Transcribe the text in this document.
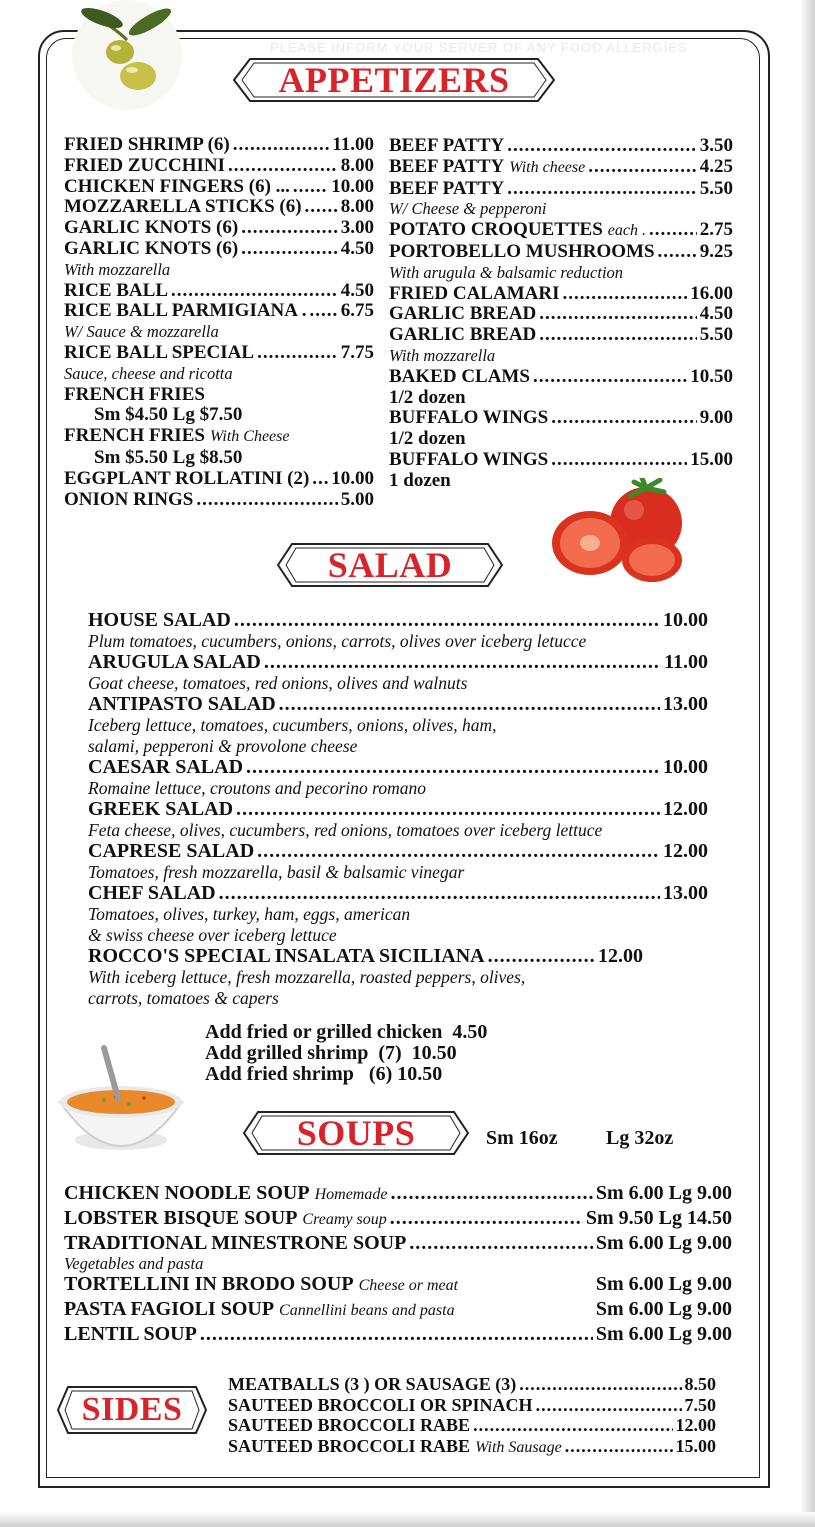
PLEASE INFORM YOUR SERVER OF ANY FOOD ALLERGIES
APPETIZERS
FRIED SHRIMP (6) .....	11.00
FRIED ZUCCHINI .....	8.00
CHICKEN FINGERS (6) ... ..... 10.00
MOZZARELLA STICKS (6) ..... 8.00
GARLIC KNOTS (6) .....	3.00
GARLIC KNOTS (6) .....	4.50
With mozzarella
RICE BALL .....	4.50
RICE BALL PARMIGIANA . ..... 6.75
W/ Sauce & mozzarella
RICE BALL SPECIAL .....	7.75
Sauce, cheese and ricotta
FRENCH FRIES
Sm $4.50 Lg $7.50
FRENCH FRIES With Cheese
Sm $5.50 Lg $8.50
EGGPLANT ROLLATINI (2) ..... 10.00
ONION RINGS .....	5.00
BEEF PATTY .....	3.50
BEEF PATTY With cheese .....	4.25
BEEF PATTY .....	5.50
W/ Cheese & pepperoni
POTATO CROQUETTES each . .....	2.75
PORTOBELLO MUSHROOMS ..... 9.25
With arugula & balsamic reduction
FRIED CALAMARI .....	16.00
GARLIC BREAD .....	4.50
GARLIC BREAD .....	5.50
With mozzarella
BAKED CLAMS .....	10.50
1/2 dozen
BUFFALO WINGS .....	9.00
1/2 dozen
BUFFALO WINGS .....	15.00
1 dozen
SALAD
HOUSE SALAD .....	10.00
Plum tomatoes, cucumbers, onions, carrots, olives over iceberg letucce
ARUGULA SALAD .....	11.00
Goat cheese, tomatoes, red onions, olives and walnuts
ANTIPASTO SALAD .....	13.00
Iceberg lettuce, tomatoes, cucumbers, onions, olives, ham,
salami, pepperoni & provolone cheese
CAESAR SALAD .....	10.00
Romaine lettuce, croutons and pecorino romano
GREEK SALAD .....	12.00
Feta cheese, olives, cucumbers, red onions, tomatoes over iceberg lettuce
CAPRESE SALAD .....	12.00
Tomatoes, fresh mozzarella, basil & balsamic vinegar
CHEF SALAD .....	13.00
Tomatoes, olives, turkey, ham, eggs, american
& swiss cheese over iceberg lettuce
ROCCO'S SPECIAL INSALATA SICILIANA .....	12.00
With iceberg lettuce, fresh mozzarella, roasted peppers, olives,
carrots, tomatoes & capers
Add fried or grilled chicken  4.50
Add grilled shrimp  (7)  10.50
Add fried shrimp   (6) 10.50
SOUPS	Sm 16oz Lg 32oz
CHICKEN NOODLE SOUP Homemade .....	Sm 6.00 Lg 9.00
LOBSTER BISQUE SOUP Creamy soup .....	Sm 9.50 Lg 14.50
TRADITIONAL MINESTRONE SOUP .....	Sm 6.00 Lg 9.00
Vegetables and pasta
TORTELLINI IN BRODO SOUP Cheese or meat	Sm 6.00 Lg 9.00
PASTA FAGIOLI SOUP Cannellini beans and pasta	Sm 6.00 Lg 9.00
LENTIL SOUP .....	Sm 6.00 Lg 9.00
SIDES
MEATBALLS (3 ) OR SAUSAGE (3) .....	8.50
SAUTEED BROCCOLI OR SPINACH .....	7.50
SAUTEED BROCCOLI RABE .....	12.00
SAUTEED BROCCOLI RABE With Sausage .....	15.00
